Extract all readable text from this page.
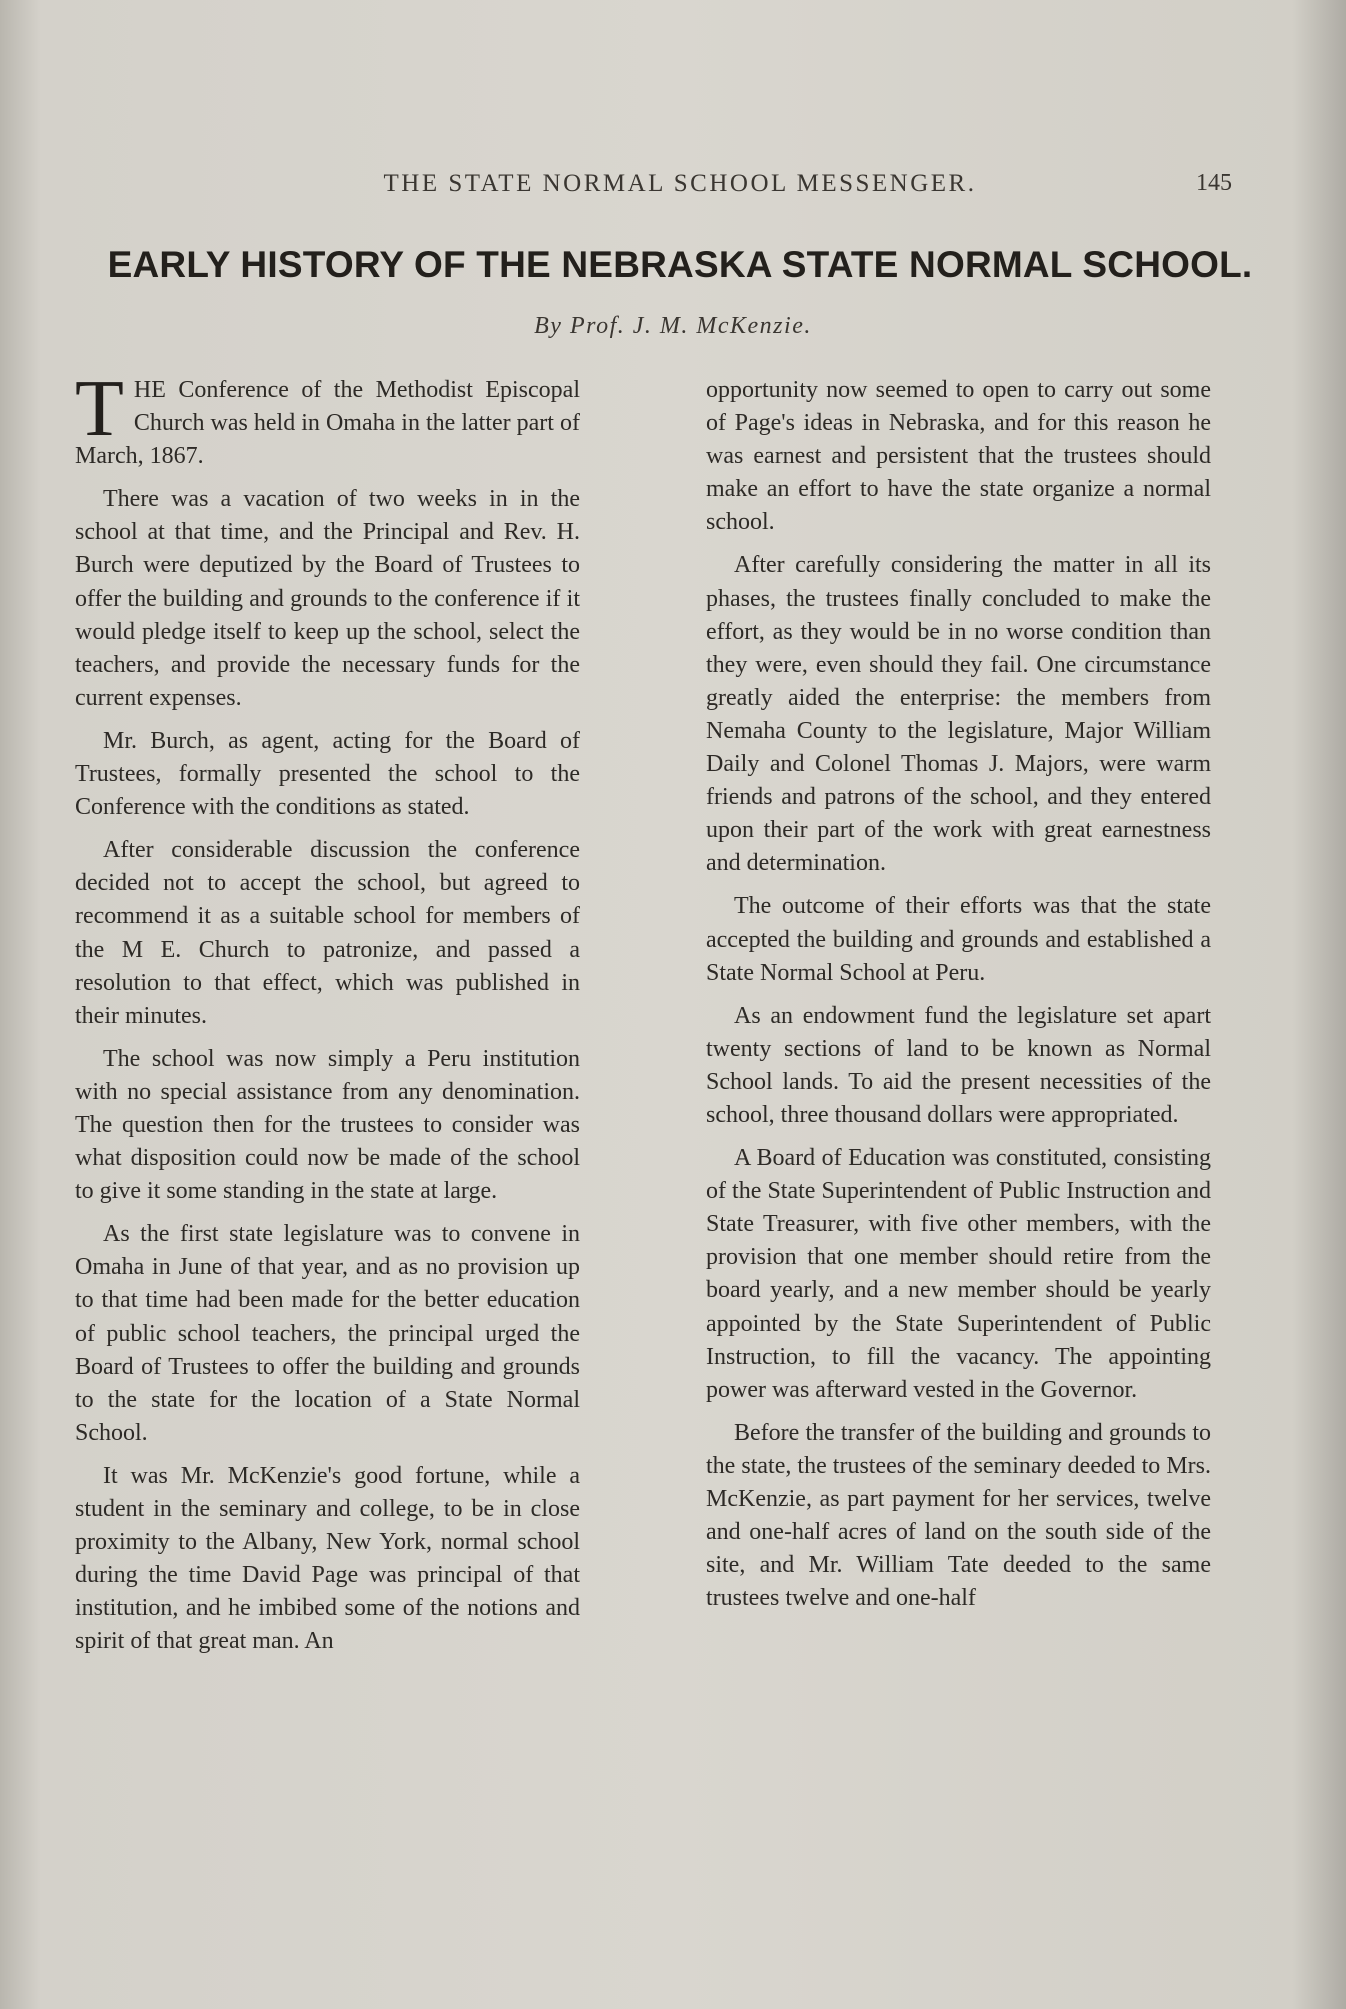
THE STATE NORMAL SCHOOL MESSENGER.	145
EARLY HISTORY OF THE NEBRASKA STATE NORMAL SCHOOL.
By Prof. J. M. McKenzie.

THE Conference of the Methodist Episcopal Church was held in Omaha in the latter part of March, 1867.

There was a vacation of two weeks in in the school at that time, and the Principal and Rev. H. Burch were deputized by the Board of Trustees to offer the building and grounds to the conference if it would pledge itself to keep up the school, select the teachers, and provide the necessary funds for the current expenses.

Mr. Burch, as agent, acting for the Board of Trustees, formally presented the school to the Conference with the conditions as stated.

After considerable discussion the conference decided not to accept the school, but agreed to recommend it as a suitable school for members of the M E. Church to patronize, and passed a resolution to that effect, which was published in their minutes.

The school was now simply a Peru institution with no special assistance from any denomination. The question then for the trustees to consider was what disposition could now be made of the school to give it some standing in the state at large.

As the first state legislature was to convene in Omaha in June of that year, and as no provision up to that time had been made for the better education of public school teachers, the principal urged the Board of Trustees to offer the building and grounds to the state for the location of a State Normal School.

It was Mr. McKenzie's good fortune, while a student in the seminary and college, to be in close proximity to the Albany, New York, normal school during the time David Page was principal of that institution, and he imbibed some of the notions and spirit of that great man. An

opportunity now seemed to open to carry out some of Page's ideas in Nebraska, and for this reason he was earnest and persistent that the trustees should make an effort to have the state organize a normal school.

After carefully considering the matter in all its phases, the trustees finally concluded to make the effort, as they would be in no worse condition than they were, even should they fail. One circumstance greatly aided the enterprise: the members from Nemaha County to the legislature, Major William Daily and Colonel Thomas J. Majors, were warm friends and patrons of the school, and they entered upon their part of the work with great earnestness and determination.

The outcome of their efforts was that the state accepted the building and grounds and established a State Normal School at Peru.

As an endowment fund the legislature set apart twenty sections of land to be known as Normal School lands. To aid the present necessities of the school, three thousand dollars were appropriated.

A Board of Education was constituted, consisting of the State Superintendent of Public Instruction and State Treasurer, with five other members, with the provision that one member should retire from the board yearly, and a new member should be yearly appointed by the State Superintendent of Public Instruction, to fill the vacancy. The appointing power was afterward vested in the Governor.

Before the transfer of the building and grounds to the state, the trustees of the seminary deeded to Mrs. McKenzie, as part payment for her services, twelve and one-half acres of land on the south side of the site, and Mr. William Tate deeded to the same trustees twelve and one-half
